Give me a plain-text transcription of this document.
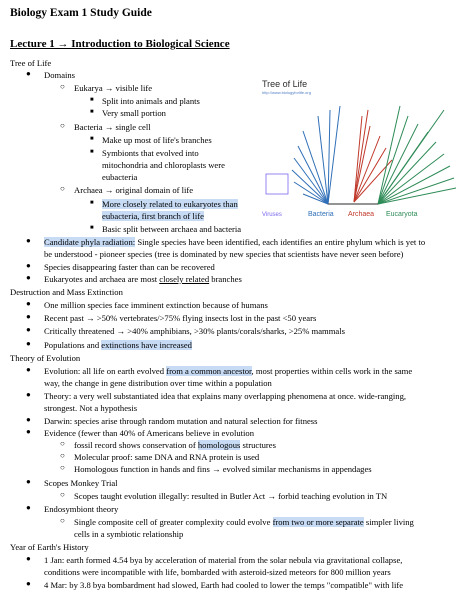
Biology Exam 1 Study Guide
Lecture 1 → Introduction to Biological Science
Tree of Life
● Domains
○ Eukarya → visible life
■ Split into animals and plants
■ Very small portion
○ Bacteria → single cell
■ Make up most of life's branches
■ Symbionts that evolved into
mitochondria and chloroplasts were
eubacteria
○ Archaea → original domain of life
■ More closely related to eukaryotes than
eubacteria, first branch of life
■ Basic split between archaea and bacteria
● Candidate phyla radiation: Single species have been identified, each identifies an entire phylum which is yet to
be understood - pioneer species (tree is dominated by new species that scientists have never seen before)
● Species disappearing faster than can be recovered
● Eukaryotes and archaea are most closely related branches
Destruction and Mass Extinction
● One million species face imminent extinction because of humans
● Recent past → >50% vertebrates/>75% flying insects lost in the past <50 years
● Critically threatened → >40% amphibians, >30% plants/corals/sharks, >25% mammals
● Populations and extinctions have increased
Theory of Evolution
● Evolution: all life on earth evolved from a common ancestor, most properties within cells work in the same
way, the change in gene distribution over time within a population
● Theory: a very well substantiated idea that explains many overlapping phenomena at once. wide-ranging,
strongest. Not a hypothesis
● Darwin: species arise through random mutation and natural selection for fitness
● Evidence (fewer than 40% of Americans believe in evolution
○ fossil record shows conservation of homologous structures
○ Molecular proof: same DNA and RNA protein is used
○ Homologous function in hands and fins → evolved similar mechanisms in appendages
● Scopes Monkey Trial
○ Scopes taught evolution illegally: resulted in Butler Act → forbid teaching evolution in TN
● Endosymbiont theory
○ Single composite cell of greater complexity could evolve from two or more separate simpler living
cells in a symbiotic relationship
Year of Earth's History
● 1 Jan: earth formed 4.54 bya by acceleration of material from the solar nebula via gravitational collapse,
conditions were incompatible with life, bombarded with asteroid-sized meteors for 800 million years
● 4 Mar: by 3.8 bya bombardment had slowed, Earth had cooled to lower the temps "compatible" with life
Viruses	Bacteria Archaea Eucaryota
Tree of Life
http://www.biologyforlife.org
